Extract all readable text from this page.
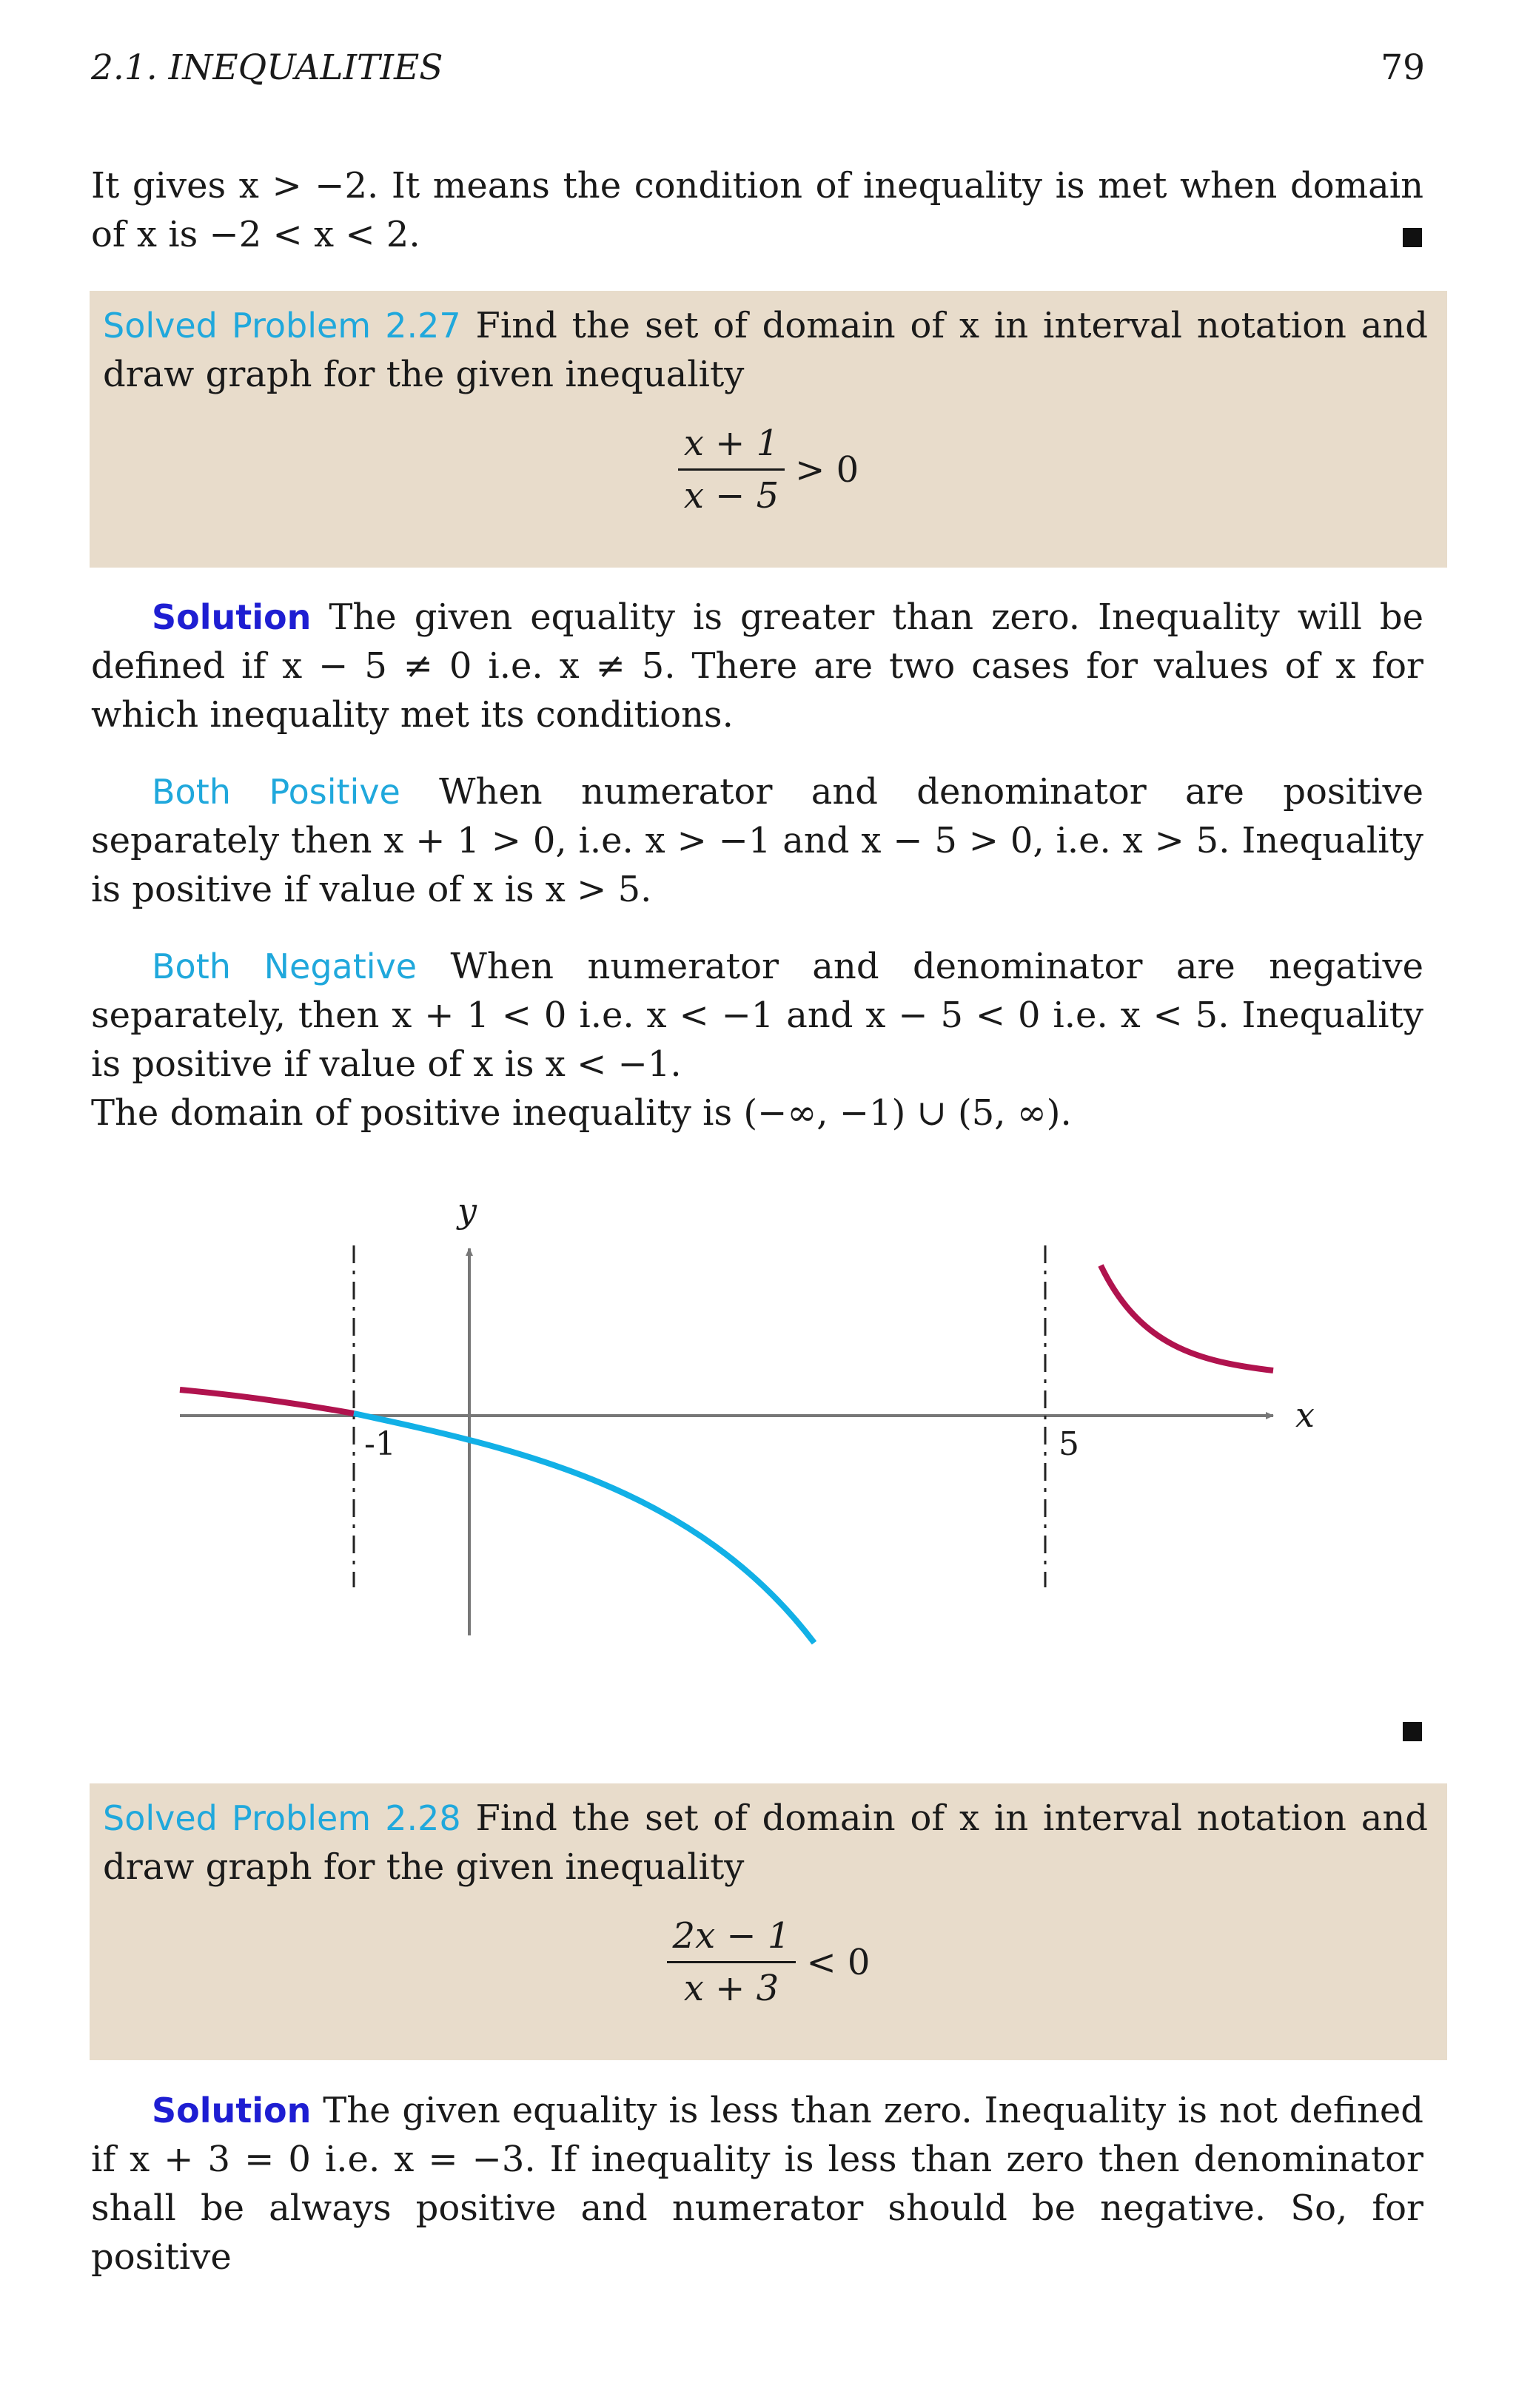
2.1. INEQUALITIES	79

It gives x > −2. It means the condition of inequality is met when domain of x is −2 < x < 2.

Solved Problem 2.27 Find the set of domain of x in interval notation and draw graph for the given inequality
$\frac{x + 1}{x - 5} > 0$

Solution The given equality is greater than zero. Inequality will be defined if x − 5 ≠ 0 i.e. x ≠ 5. There are two cases for values of x for which inequality met its conditions.

Both Positive When numerator and denominator are positive separately then x + 1 > 0, i.e. x > −1 and x − 5 > 0, i.e. x > 5. Inequality is positive if value of x is x > 5.

Both Negative When numerator and denominator are negative separately, then x + 1 < 0 i.e. x < −1 and x − 5 < 0 i.e. x < 5. Inequality is positive if value of x is x < −1.

The domain of positive inequality is (−∞, −1) ∪ (5, ∞).

x
y
-1	5
Solved Problem 2.28 Find the set of domain of x in interval notation and draw graph for the given inequality
$\frac{2x - 1}{x + 3} < 0$

Solution The given equality is less than zero. Inequality is not defined if x + 3 = 0 i.e. x = −3. If inequality is less than zero then denominator shall be always positive and numerator should be negative. So, for positive
